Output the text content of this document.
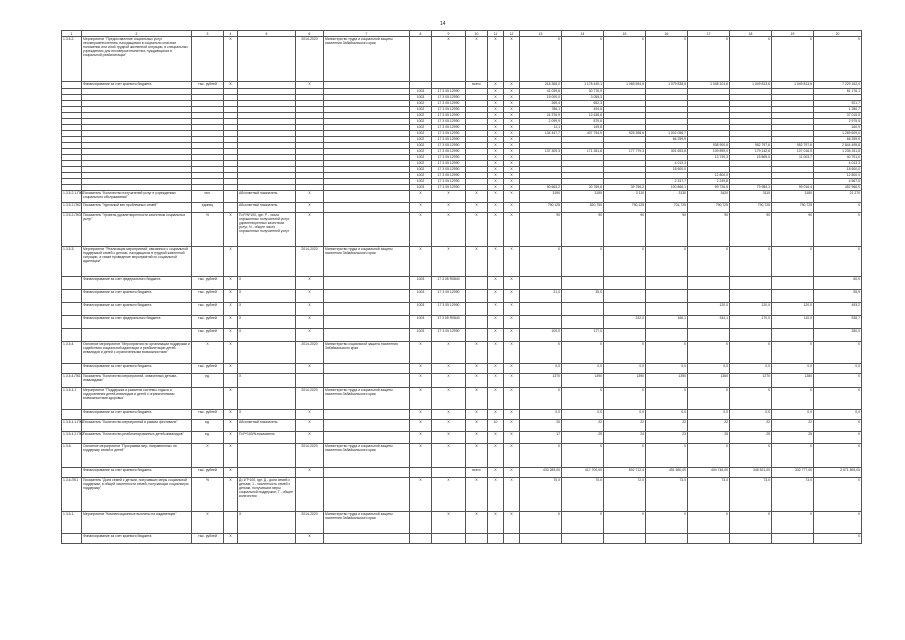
14
1	2	3	4	5	6	7	8	9	10	11	12	13	14	15	16	17	18	19	20
1.3.5.2.	Мероприятие "Предоставление социальных услуг несовершеннолетним, находящимся в социально опасном положении или иной трудной жизненной ситуации, в специальных учреждениях для несовершеннолетних, нуждающихся в социальной реабилитации"		Х		2014-2020	Министерство труда и социальной защиты населения Забайкальского края		Х	Х	Х	Х	Х	Х	Х	Х	Х	Х	Х	Х
	Финансирование за счет краевого бюджета	тыс. рублей	Х		Х				всего	Х	Х	218 365,0	1 178 445,1	1 065 594,6	1 079 838,5	1 048 101,6	1 049 813,6	1 049 813,6	7 229 162,0
							1003	17 3 05 12990		Х	Х	41 039,6	30 776,9						81 176,1
							1003	17 3 05 12990		Х	Х	15 000,0	3 055,3						
							1002	17 3 05 12990		Х	Х	269,4	652,3						921,7
							1002	17 3 05 12990		Х	Х	786,1	494,6						1 280,7
							1002	17 3 05 12990		Х	Х	24 376,9	12 638,6						37 015,5
							1002	17 3 05 12990		Х	Х	2 099,9	879,6						2 979,5
							1002	17 3 05 12990		Х	Х	11,1	149,8						160,9
							1002	17 3 05 12990		Х	Х	134 447,7	407 794,9	925 398,6	1 002 056,7				1 269 609,0
							1002	17 3 05 12990		Х	Х				66 259,9				66 259,9
							1002	17 3 05 12990		Х	Х					938 900,6	952 797,6	952 797,6	2 844 495,8
							1002	17 3 05 12990		Х	Х	137 309,3	171 281,8	177 779,3	301 693,8	109 899,0	179 142,6	107 016,0	1 235 151,8
							1002	17 3 05 12990		Х	Х					13 749,3	15 869,0	11 003,7	40 791,0
							1002	17 3 05 12990		Х	Х				4 013,3				4 013,3
							1002	17 3 05 12990		Х	Х				18 600,0				18 600,0
							1002	17 3 05 12990		Х	Х					12 800,0			12 800,0
							1002	17 3 05 12990		Х	Х				2 317,7	2 249,8			4 567,5
							1003	17 3 05 12990		Х	Х	90 663,2	30 769,6	39 756,2	100 866,1	99 726,5	79 984,1	99 016,4	452 966,9
1.3.5.2.1-ПК1	Показатель "Количество получателей услуг в учреждениях социального обслуживания"	чел.		Абсолютный показатель	Х		Х	Х	Х	Х	Х	3190	3150	3 110	3130	3420	3110	3180	21 270
1.3.5.2-ПК2	Показатель "Удельный вес проблемных семей"	единиц		Абсолютный показатель	Х		Х	Х	Х	Х	Х	790,125	820,750	790,125	701,725	790,725	790,725	790,725	Х
1.3.5.2-ПК3	Показатель "Уровень удовлетворенности качеством социальных услуг"	%	Х	П=Р/N*100, где: Р - число опрошенных получателей услуг, удовлетворенных качеством услуг; N - общее число опрошенных получателей услуг	Х		Х	Х	Х	Х	Х	90	90	90	90	90	90	90	Х
1.3.5.3.	Мероприятие "Реализация мероприятий, связанных с социальной поддержкой семей с детьми, находящихся в трудной жизненной ситуации, а также проведение мероприятий по социальной адаптации"		Х		2014-2020	Министерство труда и социальной защиты населения Забайкальского края	Х	Х	Х	Х	Х	Х	Х	Х	Х	Х	Х	Х	Х
	Финансирование за счет федерального бюджета	тыс. рублей	Х	Х	Х		1003	17 3 05 R0840		Х	Х								60,0
	Финансирование за счет краевого бюджета	тыс. рублей	Х	Х	Х		1003	17 3 05 12990		Х	Х	21,0	35,0						55,9
	Финансирование за счет краевого бюджета	тыс. рублей	Х	Х	Х		1003	17 3 05 12990		Х	Х					120,0	120,0	120,0	493,2
	Финансирование за счет федерального бюджета	тыс. рублей	Х	Х	Х		1003	17 3 05 R0840		Х	Х			232,0	166,1	334,1	170,0	110,0	928,7
		тыс. рублей	Х	Х	Х		1003	17 3 05 12990		Х	Х	100,0	177,0						280,0
1.3.5.4.	Основное мероприятие "Мероприятия по организации поддержки и содействию социальной адаптации и реабилитации детей-инвалидов и детей с ограниченными возможностями"	Х	Х		2014-2020	Министерство социальной защиты населения Забайкальского края	Х	Х	Х	Х	Х	Х	Х	Х	Х	Х	Х	Х	Х
	Финансирование за счет краевого бюджета	тыс. рублей	Х		Х		Х	Х	Х	Х	Х	0,0	0,0	0,0	0,0	0,0	0,0	0,0	0,0
1.3.5.4-ПК1	Показатель "Количество мероприятий, охваченных детьми-инвалидами"	ед.		Х			Х	Х	Х	Х	Х	1370	1390	1390	1390	1360	1270	1280	Х
1.3.5.4.1	Мероприятие "Поддержка и развитие системы отдыха и оздоровления детей-инвалидов и детей с ограниченными возможностями здоровья"		Х		2014-2020	Министерство труда и социальной защиты населения Забайкальского края	Х	Х	Х	Х	Х	Х	Х	Х	Х	Х	Х	Х	Х
	Финансирование за счет краевого бюджета	тыс. рублей	Х	Х	Х		Х	Х	Х	Х	Х	0,0	0,0	0,0	0,0	0,0	0,0	0,0	0,0
1.3.5.4.1-ПК1	Показатель "Количество мероприятий в рамках фестиваля"	ед.	Х	Абсолютный показатель	Х		Х	Х	Х	10	Х	20	22	22	22	22	22	22	Х
1.3.5.4.2-ПК2	Показатель "Количество реабилитированных детей-инвалидов"	ед.	Х	П=Р*100/N-показатель	Х		Х	Х	Х	Х	Х	17	25	24	23	25	25	25	Х
1.3.6.	Основное мероприятие "Программа мер, направленных на поддержку семей и детей"	Х	Х		2014-2020	Министерство труда и социальной защиты населения Забайкальского края	Х	Х	Х	Х	Х	Х	Х	Х	Х	Х	Х	Х	Х
	Финансирование за счет краевого бюджета	тыс. рублей	Х		Х				всего	Х	Х	433 283,00	417 700,00	502 712,4	451 650,00	404 746,00	345 521,00	332 777,00	2 671 893,00
1.3.6-ПК1	Показатель "Доля семей с детьми, получивших меры социальной поддержки, в общей численности семей, получающих социальную поддержку"	%	Х	Д=1/Т*100, где: Д - доля семей с детьми; 1 - численность семей с детьми, получивших меры социальной поддержки; Т - общее количество			Х	Х	Х	Х	Х	70,0	70,0	72,0	73,0	73,0	73,0	73,0	Х
1.3.6.1.	Мероприятие "Компенсационные выплаты на иждивенцев"	Х		Х	2014-2020	Министерство труда и социальной защиты населения Забайкальского края		Х	Х	Х	Х	Х	Х	Х	Х	Х	Х	Х	Х
	Финансирование за счет краевого бюджета	тыс. рублей	Х		Х														Х
